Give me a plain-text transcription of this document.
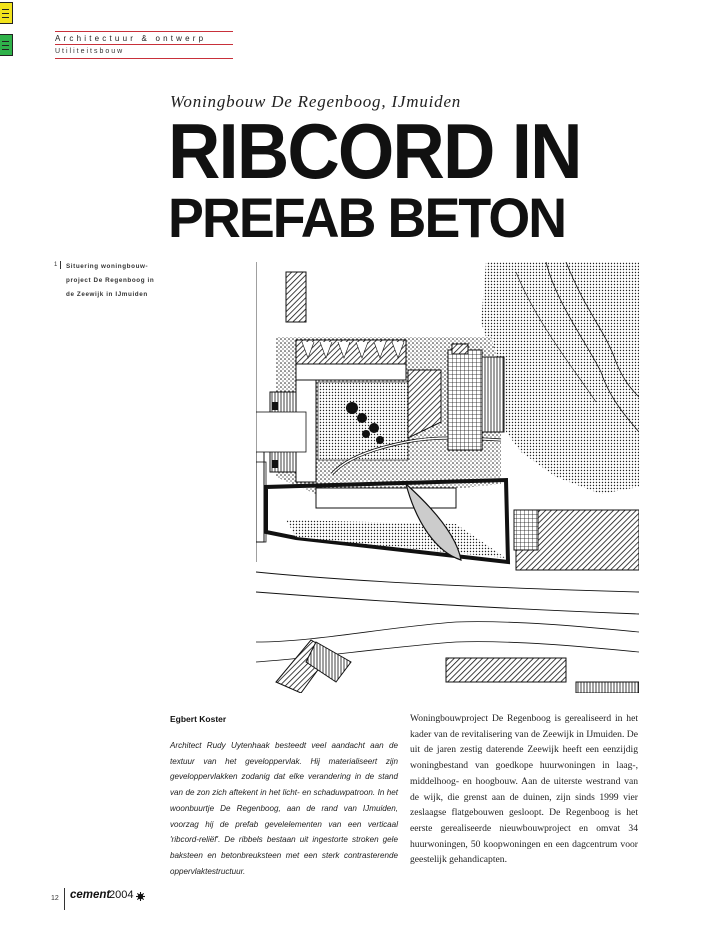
Architectuur & ontwerp
Utiliteitsbouw
Woningbouw De Regenboog, IJmuiden
RIBCORD IN
PREFAB BETON
1 Situering woningbouw-project De Regenboog in de Zeewijk in IJmuiden
Egbert Koster
Architect Rudy Uytenhaak besteedt veel aandacht aan de textuur van het geveloppervlak. Hij materialiseert zijn geveloppervlakken zodanig dat elke verandering in de stand van de zon zich aftekent in het licht- en schaduwpatroon. In het woonbuurtje De Regenboog, aan de rand van IJmuiden, voorzag hij de prefab gevelelementen van een verticaal 'ribcord-reliëf'. De ribbels bestaan uit ingestorte stroken gele baksteen en betonbreuksteen met een sterk contrasterende oppervlaktestructuur.
Woningbouwproject De Regenboog is gerealiseerd in het kader van de revitalisering van de Zeewijk in IJmuiden. De uit de jaren zestig daterende Zeewijk heeft een eenzijdig woningbestand van goedkope huurwoningen in laag-, middelhoog- en hoogbouw. Aan de uiterste westrand van de wijk, die grenst aan de duinen, zijn sinds 1999 vier zeslaagse flatgebouwen gesloopt. De Regenboog is het eerste gerealiseerde nieuwbouwproject en omvat 34 huurwoningen, 50 koopwoningen en een dagcentrum voor geestelijk gehandicapten.
12 cement
2004
